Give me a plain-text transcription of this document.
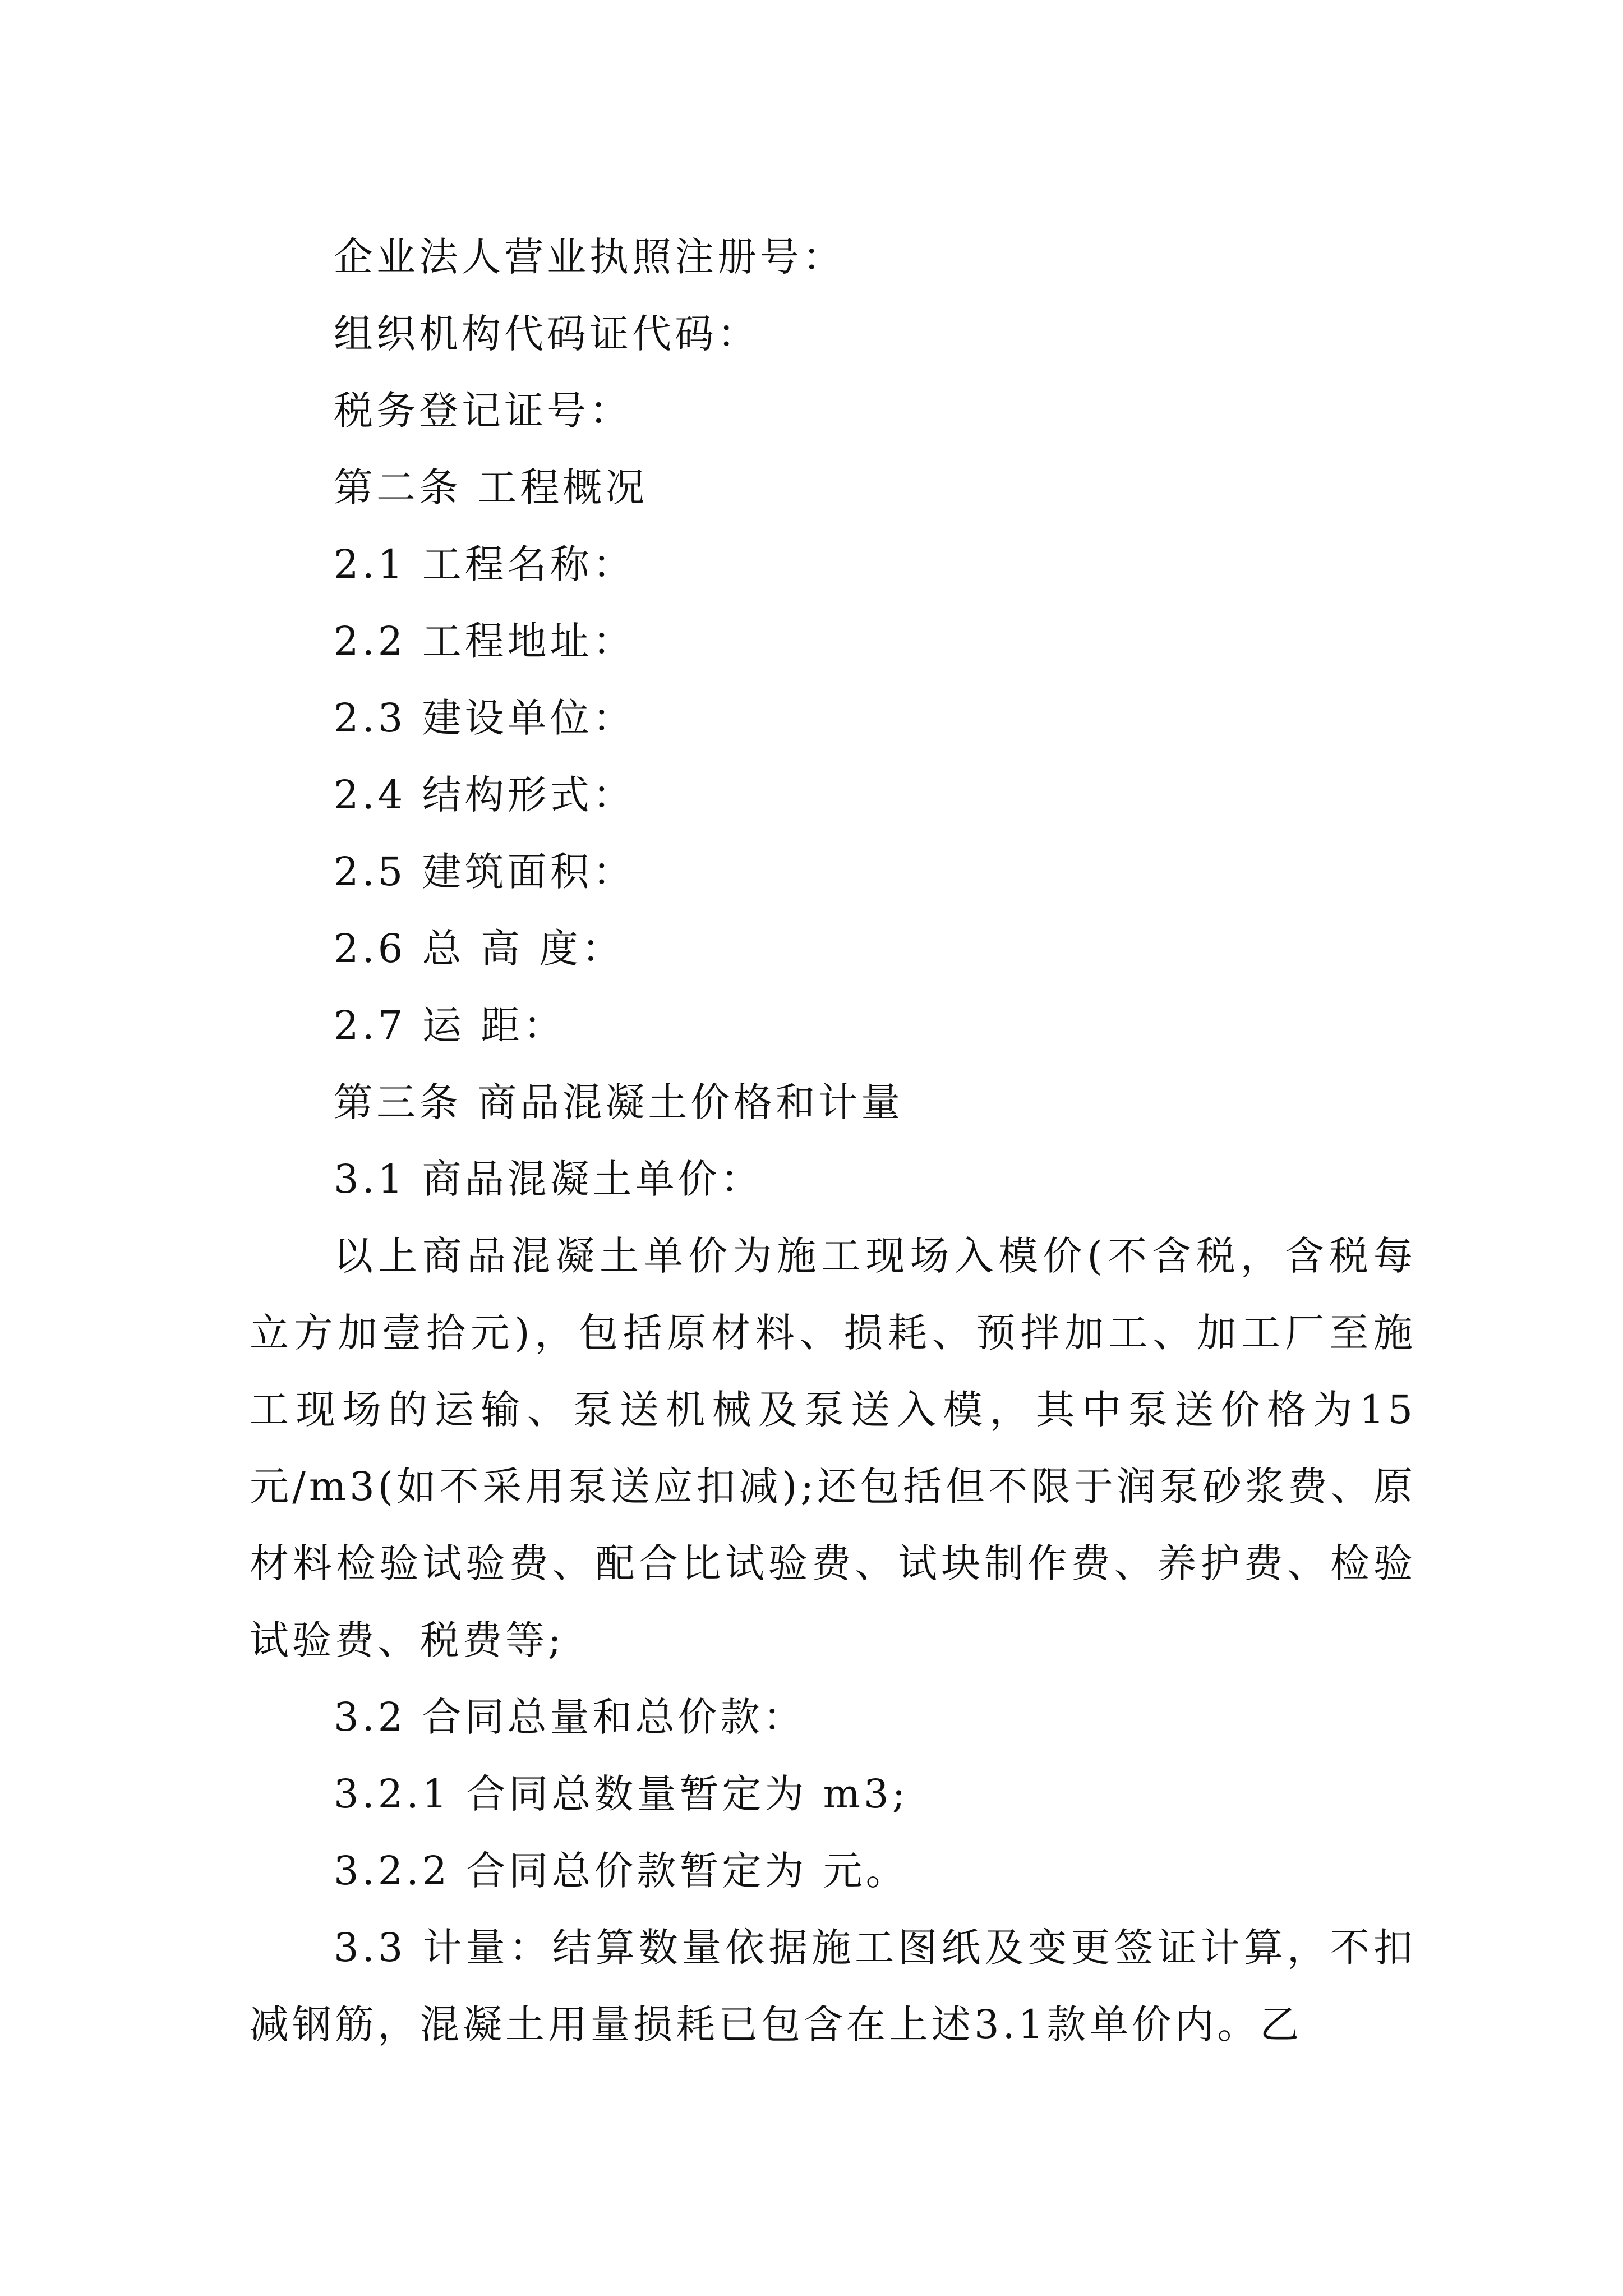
企业法人营业执照注册号：
组织机构代码证代码：
税务登记证号：
第二条 工程概况
2.1 工程名称：
2.2 工程地址：
2.3 建设单位：
2.4 结构形式：
2.5 建筑面积：
2.6 总 高 度：
2.7 运 距：
第三条 商品混凝土价格和计量
3.1 商品混凝土单价：

以上商品混凝土单价为施工现场入模价(不含税，含税每立方加壹拾元)，包括原材料、损耗、预拌加工、加工厂至施工现场的运输、泵送机械及泵送入模，其中泵送价格为15元/m3(如不采用泵送应扣减);还包括但不限于润泵砂浆费、原材料检验试验费、配合比试验费、试块制作费、养护费、检验试验费、税费等;

3.2 合同总量和总价款：
3.2.1 合同总数量暂定为 m3;
3.2.2 合同总价款暂定为 元。

3.3 计量：结算数量依据施工图纸及变更签证计算，不扣减钢筋，混凝土用量损耗已包含在上述3.1款单价内。乙
